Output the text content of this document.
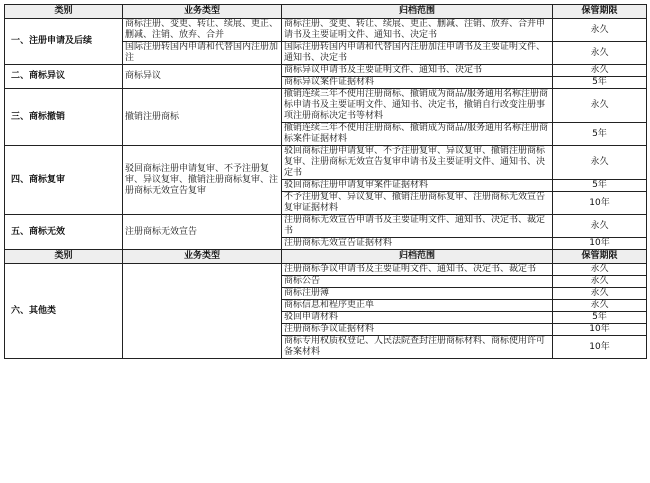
类别	业务类型	归档范围	保管期限
一、注册申请及后续	商标注册、变更、转让、续展、更正、删减、注销、放弃、合并	商标注册、变更、转让、续展、更正、删减、注销、放弃、合并申请书及主要证明文件、通知书、决定书	永久
	国际注册转国内申请和代替国内注册加注	国际注册转国内申请和代替国内注册加注申请书及主要证明文件、通知书、决定书	永久
二、商标异议	商标异议	商标异议申请书及主要证明文件、通知书、决定书	永久
		商标异议案件证据材料	5年
三、商标撤销	撤销注册商标	撤销连续三年不使用注册商标、撤销成为商品/服务通用名称注册商标申请书及主要证明文件、通知书、决定书，撤销自行改变注册事项注册商标决定书等材料	永久
		撤销连续三年不使用注册商标、撤销成为商品/服务通用名称注册商标案件证据材料	5年
四、商标复审	驳回商标注册申请复审、不予注册复审、异议复审、撤销注册商标复审、注册商标无效宣告复审	驳回商标注册申请复审、不予注册复审、异议复审、撤销注册商标复审、注册商标无效宣告复审申请书及主要证明文件、通知书、决定书	永久
		驳回商标注册申请复审案件证据材料	5年
		不予注册复审、异议复审、撤销注册商标复审、注册商标无效宣告复审证据材料	10年
五、商标无效	注册商标无效宣告	注册商标无效宣告申请书及主要证明文件、通知书、决定书、裁定书	永久
		注册商标无效宣告证据材料	10年
类别	业务类型	归档范围	保管期限
六、其他类		注册商标争议申请书及主要证明文件、通知书、决定书、裁定书	永久
		商标公告	永久
		商标注册簿	永久
		商标信息和程序更正单	永久
		驳回申请材料	5年
		注册商标争议证据材料	10年
		商标专用权质权登记、人民法院查封注册商标材料、商标使用许可备案材料	10年
